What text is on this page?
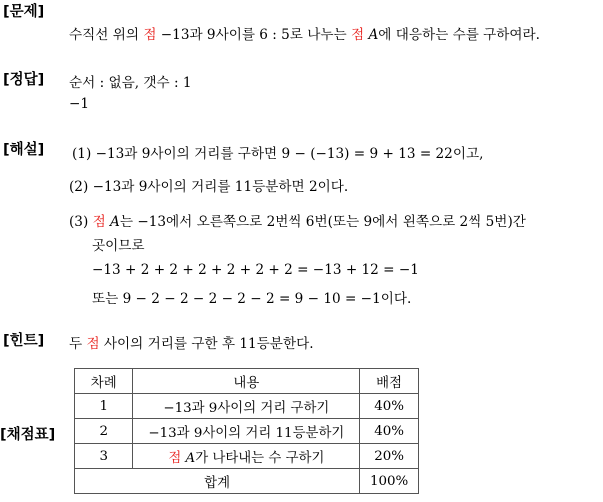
[문제]
수직선 위의 점 −13과 9사이를 6 : 5로 나누는 점 A에 대응하는 수를 구하여라.
[정답] 순서 : 없음, 갯수 : 1
−1
[해설] (1) −13과 9사이의 거리를 구하면 9 − (−13) = 9 + 13 = 22이고,
(2) −13과 9사이의 거리를 11등분하면 2이다.
(3) 점 A는 −13에서 오른쪽으로 2번씩 6번(또는 9에서 왼쪽으로 2씩 5번)간
곳이므로
−13 + 2 + 2 + 2 + 2 + 2 + 2 = −13 + 12 = −1
또는 9 − 2 − 2 − 2 − 2 − 2 = 9 − 10 = −1이다.
[힌트] 두 점 사이의 거리를 구한 후 11등분한다.
[채점표]
차례	내용	배점
1	−13과 9사이의 거리 구하기	40%
2	−13과 9사이의 거리 11등분하기	40%
3	점 A가 나타내는 수 구하기	20%
합계		100%
